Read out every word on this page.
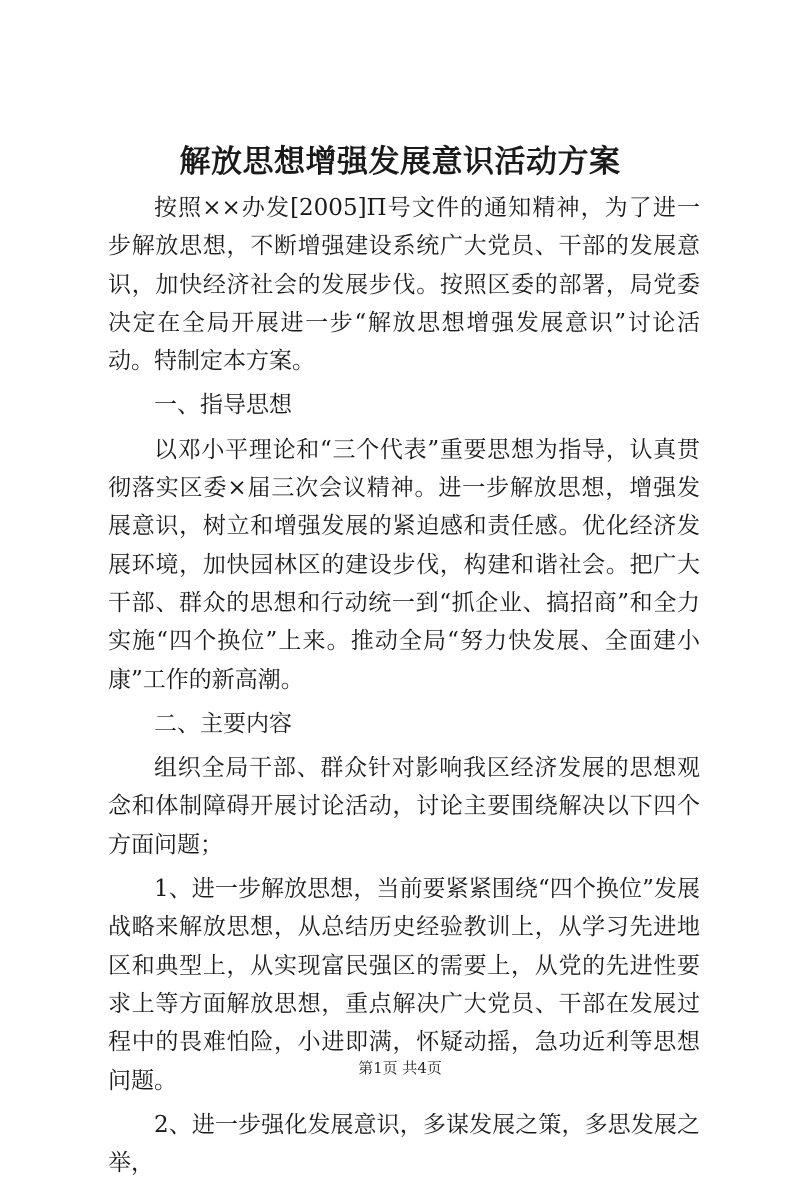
解放思想增强发展意识活动方案

按照××办发[2005]Π号文件的通知精神，为了进一步解放思想，不断增强建设系统广大党员、干部的发展意识，加快经济社会的发展步伐。按照区委的部署，局党委决定在全局开展进一步“解放思想增强发展意识”讨论活动。特制定本方案。

一、指导思想

以邓小平理论和“三个代表”重要思想为指导，认真贯彻落实区委×届三次会议精神。进一步解放思想，增强发展意识，树立和增强发展的紧迫感和责任感。优化经济发展环境，加快园林区的建设步伐，构建和谐社会。把广大干部、群众的思想和行动统一到“抓企业、搞招商”和全力实施“四个换位”上来。推动全局“努力快发展、全面建小康”工作的新高潮。

二、主要内容

组织全局干部、群众针对影响我区经济发展的思想观念和体制障碍开展讨论活动，讨论主要围绕解决以下四个方面问题；

1、进一步解放思想，当前要紧紧围绕“四个换位”发展战略来解放思想，从总结历史经验教训上，从学习先进地区和典型上，从实现富民强区的需要上，从党的先进性要求上等方面解放思想，重点解决广大党员、干部在发展过程中的畏难怕险，小进即满，怀疑动摇，急功近利等思想问题。

2、进一步强化发展意识，多谋发展之策，多思发展之举，

第1页 共4页
